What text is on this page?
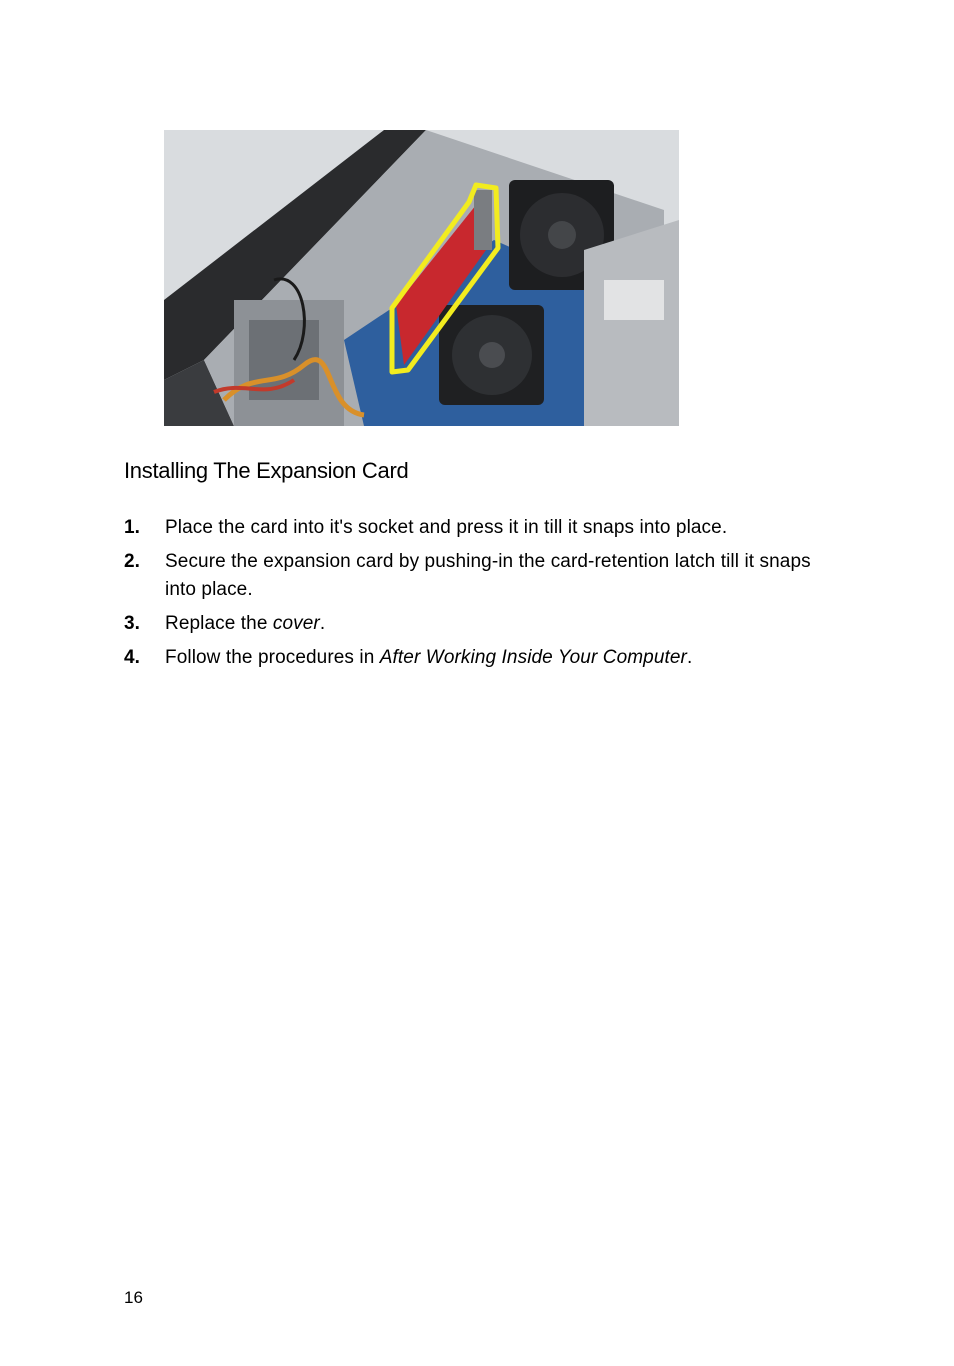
Installing The Expansion Card
1.	Place the card into it's socket and press it in till it snaps into place.
2.	Secure the expansion card by pushing-in the card-retention latch till it snaps into place.
3.	Replace the cover.
4.	Follow the procedures in After Working Inside Your Computer.
16
